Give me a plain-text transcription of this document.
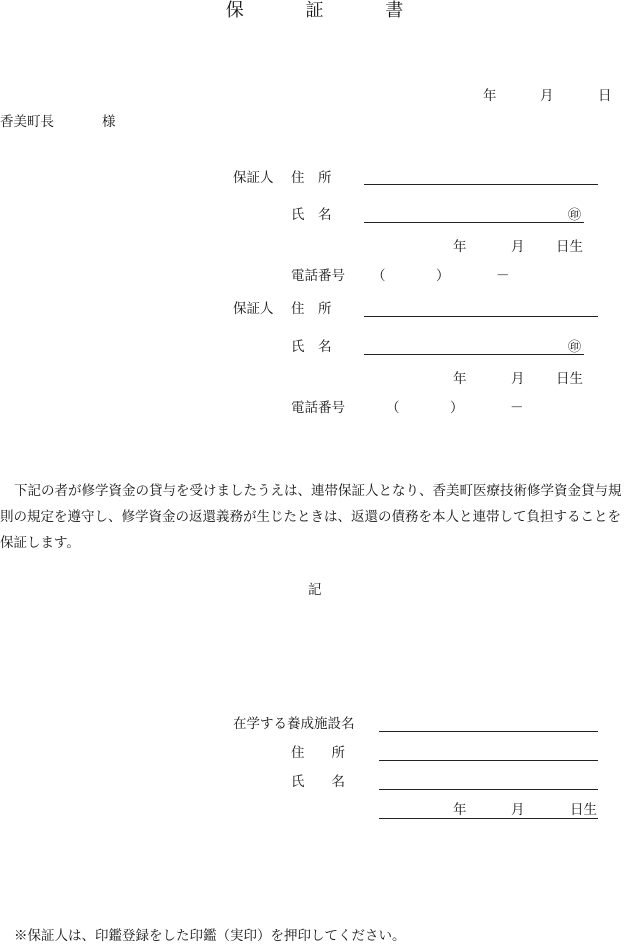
保	証	書
年	月	日
香美町長	様
保証人 住　所
氏　名	㊞
年	月 日生
電話番号 （	）	－
保証人 住　所
氏　名	㊞
年	月 日生
電話番号	（	）	－
下記の者が修学資金の貸与を受けましたうえは、連帯保証人となり、香美町医療技術修学資金貸与規則の規定を遵守し、修学資金の返還義務が生じたときは、返還の債務を本人と連帯して負担することを保証します。
記
在学する養成施設名
住　　所
氏　　名
年	月	日生
※保証人は、印鑑登録をした印鑑（実印）を押印してください。
